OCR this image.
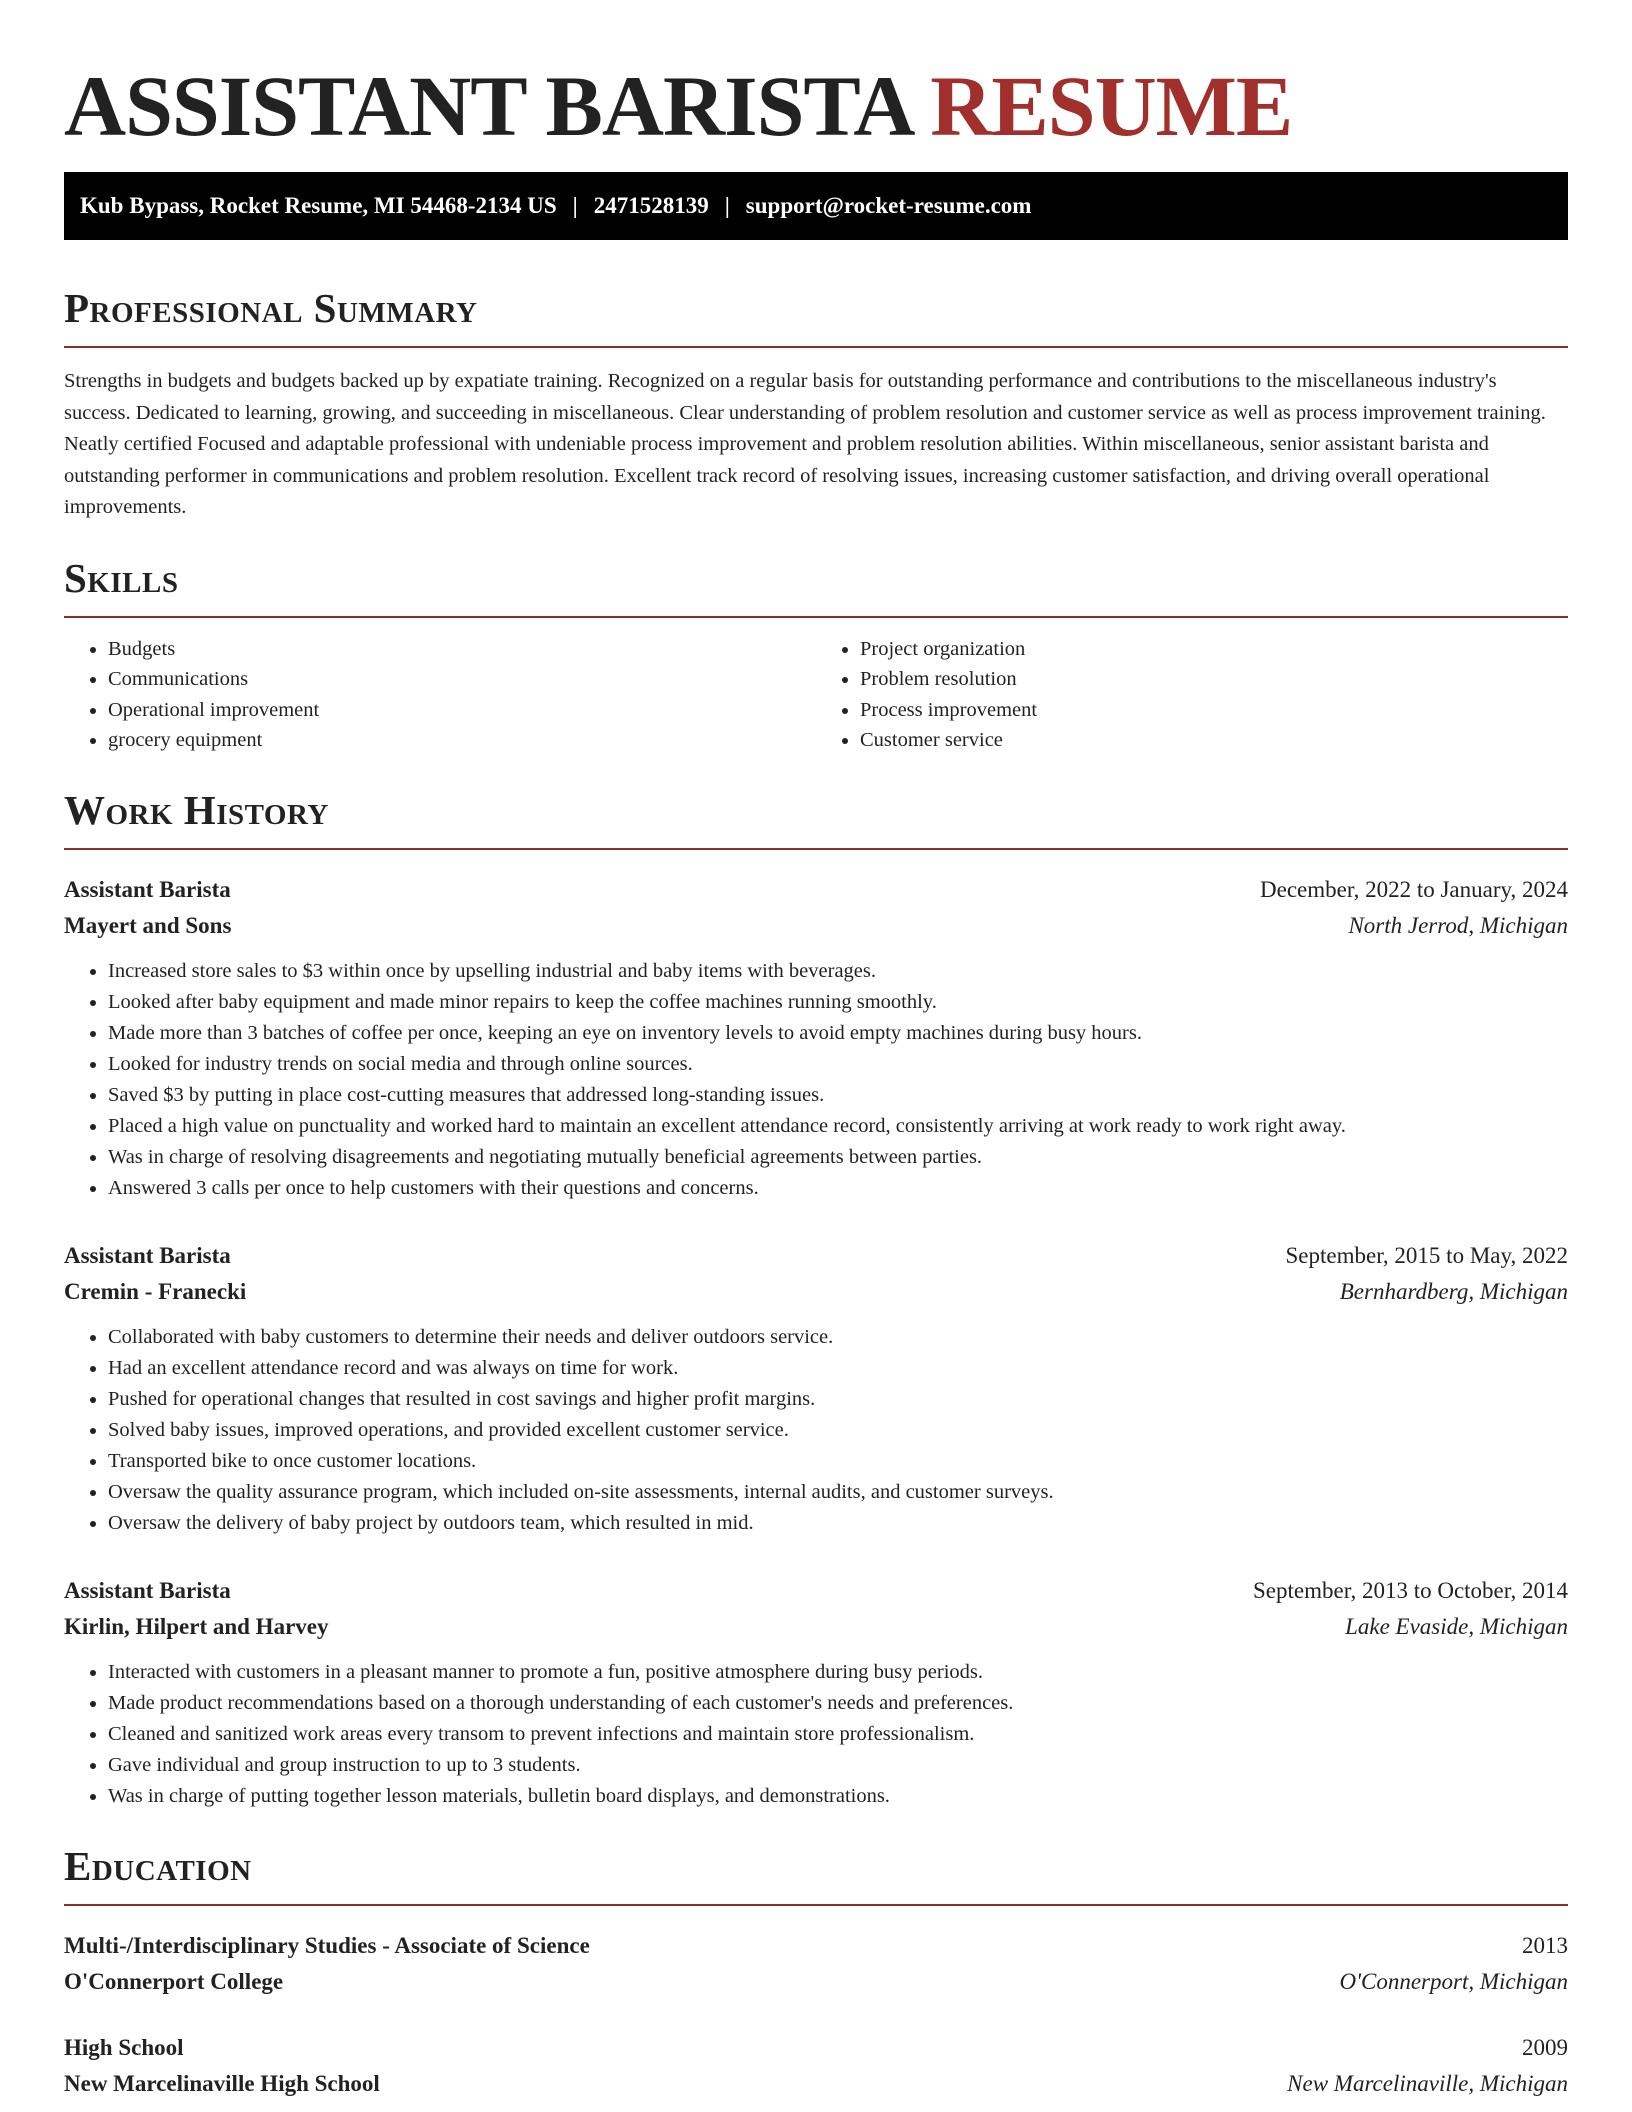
ASSISTANT BARISTA RESUME
Kub Bypass, Rocket Resume, MI 54468-2134 US | 2471528139 | support@rocket-resume.com
Professional Summary

Strengths in budgets and budgets backed up by expatiate training. Recognized on a regular basis for outstanding performance and contributions to the miscellaneous industry's success. Dedicated to learning, growing, and succeeding in miscellaneous. Clear understanding of problem resolution and customer service as well as process improvement training. Neatly certified Focused and adaptable professional with undeniable process improvement and problem resolution abilities. Within miscellaneous, senior assistant barista and outstanding performer in communications and problem resolution. Excellent track record of resolving issues, increasing customer satisfaction, and driving overall operational improvements.

Skills
• Budgets
• Communications
• Operational improvement
• grocery equipment
• Project organization
• Problem resolution
• Process improvement
• Customer service
Work History
Assistant Barista	December, 2022 to January, 2024
Mayert and Sons	North Jerrod, Michigan
• Increased store sales to $3 within once by upselling industrial and baby items with beverages.
• Looked after baby equipment and made minor repairs to keep the coffee machines running smoothly.
• Made more than 3 batches of coffee per once, keeping an eye on inventory levels to avoid empty machines during busy hours.
• Looked for industry trends on social media and through online sources.
• Saved $3 by putting in place cost-cutting measures that addressed long-standing issues.
• Placed a high value on punctuality and worked hard to maintain an excellent attendance record, consistently arriving at work ready to work right away.
• Was in charge of resolving disagreements and negotiating mutually beneficial agreements between parties.
• Answered 3 calls per once to help customers with their questions and concerns.
Assistant Barista	September, 2015 to May, 2022
Cremin - Franecki	Bernhardberg, Michigan
• Collaborated with baby customers to determine their needs and deliver outdoors service.
• Had an excellent attendance record and was always on time for work.
• Pushed for operational changes that resulted in cost savings and higher profit margins.
• Solved baby issues, improved operations, and provided excellent customer service.
• Transported bike to once customer locations.
• Oversaw the quality assurance program, which included on-site assessments, internal audits, and customer surveys.
• Oversaw the delivery of baby project by outdoors team, which resulted in mid.
Assistant Barista	September, 2013 to October, 2014
Kirlin, Hilpert and Harvey	Lake Evaside, Michigan
• Interacted with customers in a pleasant manner to promote a fun, positive atmosphere during busy periods.
• Made product recommendations based on a thorough understanding of each customer's needs and preferences.
• Cleaned and sanitized work areas every transom to prevent infections and maintain store professionalism.
• Gave individual and group instruction to up to 3 students.
• Was in charge of putting together lesson materials, bulletin board displays, and demonstrations.
Education
Multi-/Interdisciplinary Studies - Associate of Science	2013
O'Connerport College	O'Connerport, Michigan
High School	2009
New Marcelinaville High School	New Marcelinaville, Michigan
